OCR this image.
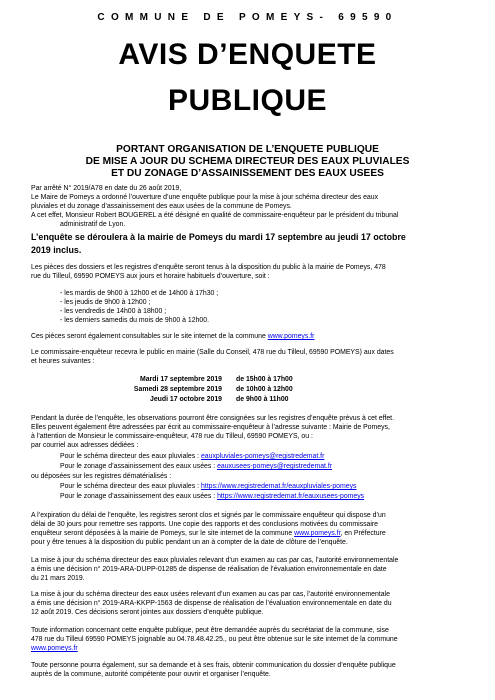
COMMUNE DE POMEYS- 69590
AVIS D’ENQUETE
PUBLIQUE
PORTANT ORGANISATION DE L’ENQUETE PUBLIQUE
DE MISE A JOUR DU SCHEMA DIRECTEUR DES EAUX PLUVIALES
ET DU ZONAGE D’ASSAINISSEMENT DES EAUX USEES
Par arrêté N° 2019/A78 en date du 26 août 2019,
Le Maire de Pomeys a ordonné l’ouverture d’une enquête publique pour la mise à jour schéma directeur des eaux
pluviales et du zonage d’assainissement des eaux usées de la commune de Pomeys.
A cet effet, Monsieur Robert BOUGEREL a été désigné en qualité de commissaire-enquêteur par le président du tribunal
administratif de Lyon.
L’enquête se déroulera à la mairie de Pomeys du mardi 17 septembre au jeudi 17 octobre
2019 inclus.
Les pièces des dossiers et les registres d’enquête seront tenus à la disposition du public à la mairie de Pomeys, 478
rue du Tilleul, 69590 POMEYS aux jours et horaire habituels d’ouverture, soit :
- les mardis de 9h00 à 12h00 et de 14h00 à 17h30 ;
- les jeudis de 9h00 à 12h00 ;
- les vendredis de 14h00 à 18h00 ;
- les derniers samedis du mois de 9h00 à 12h00.
Ces pièces seront également consultables sur le site internet de la commune www.pomeys.fr
Le commissaire-enquêteur recevra le public en mairie (Salle du Conseil, 478 rue du Tilleul, 69590 POMEYS) aux dates
et heures suivantes :
Mardi 17 septembre 2019 de 15h00 à 17h00
Samedi 28 septembre 2019 de 10h00 à 12h00
Jeudi 17 octobre 2019 de 9h00 à 11h00
Pendant la durée de l’enquête, les observations pourront être consignées sur les registres d’enquête prévus à cet effet.
Elles peuvent également être adressées par écrit au commissaire-enquêteur à l’adresse suivante : Mairie de Pomeys,
à l’attention de Monsieur le commissaire-enquêteur, 478 rue du Tilleul, 69590 POMEYS, ou :
par courriel aux adresses dédiées :
Pour le schéma directeur des eaux pluviales : eauxpluviales-pomeys@registredemat.fr
Pour le zonage d’assainissement des eaux usées : eauxusees-pomeys@registredemat.fr
ou déposées sur les registres dématérialisés :
Pour le schéma directeur des eaux pluviales : https://www.registredemat.fr/eauxpluviales-pomeys
Pour le zonage d’assainissement des eaux usées : https://www.registredemat.fr/eauxusees-pomeys
A l’expiration du délai de l’enquête, les registres seront clos et signés par le commissaire enquêteur qui dispose d’un
délai de 30 jours pour remettre ses rapports. Une copie des rapports et des conclusions motivées du commissaire
enquêteur seront déposées à la mairie de Pomeys, sur le site internet de la commune www.pomeys.fr, en Préfecture
pour y être tenues à la disposition du public pendant un an à compter de la date de clôture de l’enquête.
La mise à jour du schéma directeur des eaux pluviales relevant d’un examen au cas par cas, l’autorité environnementale
a émis une décision n° 2019-ARA-DUPP-01285 de dispense de réalisation de l’évaluation environnementale en date
du 21 mars 2019.
La mise à jour du schéma directeur des eaux usées relevant d’un examen au cas par cas, l’autorité environnementale
a émis une décision n° 2019-ARA-KKPP-1563 de dispense de réalisation de l’évaluation environnementale en date du
12 août 2019. Ces décisions seront jointes aux dossiers d’enquête publique.
Toute information concernant cette enquête publique, peut être demandée auprès du secrétariat de la commune, sise
478 rue du Tilleul 69590 POMEYS joignable au 04.78.48.42.25., ou peut être obtenue sur le site internet de la commune
www.pomeys.fr
Toute personne pourra également, sur sa demande et à ses frais, obtenir communication du dossier d’enquête publique
auprès de la commune, autorité compétente pour ouvrir et organiser l’enquête.
